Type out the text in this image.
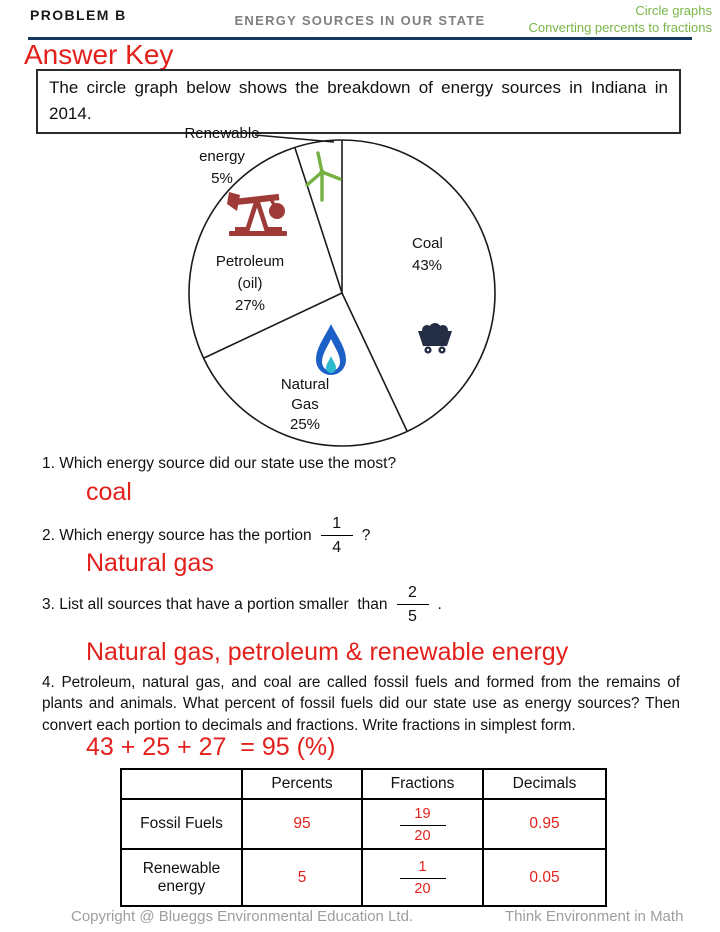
PROBLEM B	ENERGY SOURCES IN OUR STATE
Circle graphs
Converting percents to fractions
Answer Key
The circle graph below shows the breakdown of energy sources in Indiana in 2014.
Renewable
energy
5%
Petroleum
(oil)
27%
Coal
43%
Natural
Gas
25%
1. Which energy source did our state use the most?
coal
2. Which energy source has the portion $\frac{1}{4}$ ?
Natural gas
3. List all sources that have a portion smaller  than $\frac{2}{5}$ .
Natural gas, petroleum & renewable energy
4. Petroleum, natural gas, and coal are called fossil fuels and formed from the remains of plants and animals. What percent of fossil fuels did our state use as energy sources? Then convert each portion to decimals and fractions. Write fractions in simplest form.
43 + 25 + 27  = 95 (%)
	Percents	Fractions	Decimals
Fossil Fuels	95	$\frac{19}{20}$	0.95
Renewable energy	5	$\frac{1}{20}$	0.05
Copyright @ Blueggs Environmental Education Ltd.	Think Environment in Math
